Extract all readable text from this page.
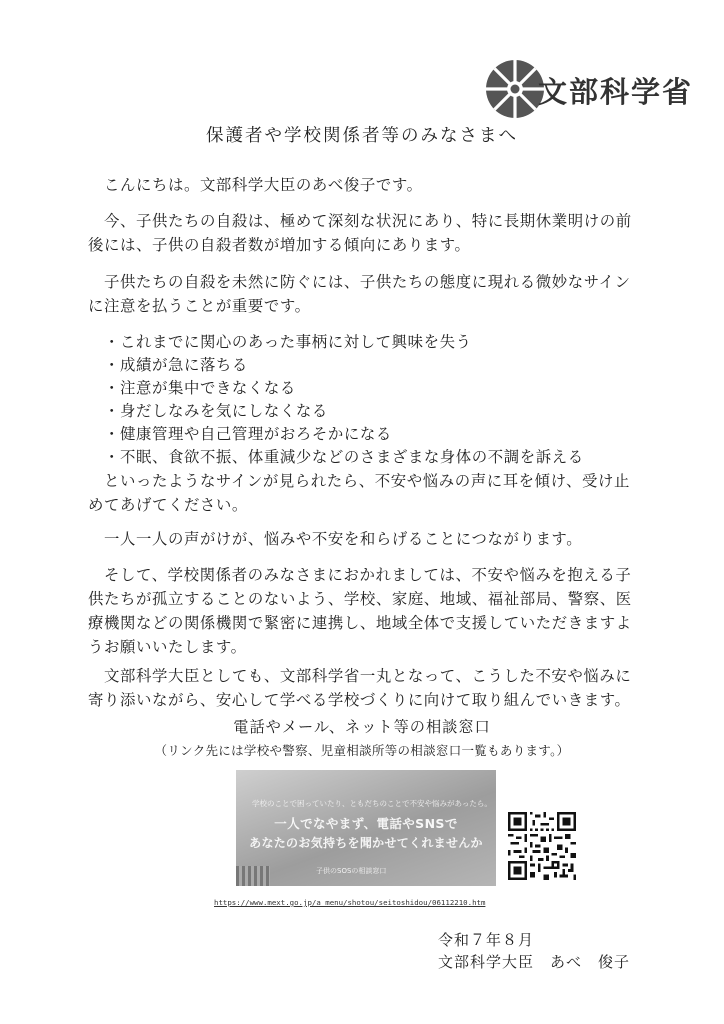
文部科学省
保護者や学校関係者等のみなさまへ
こんにちは。文部科学大臣のあべ俊子です。
今、子供たちの自殺は、極めて深刻な状況にあり、特に長期休業明けの前
後には、子供の自殺者数が増加する傾向にあります。
子供たちの自殺を未然に防ぐには、子供たちの態度に現れる微妙なサイン
に注意を払うことが重要です。
・これまでに関心のあった事柄に対して興味を失う
・成績が急に落ちる
・注意が集中できなくなる
・身だしなみを気にしなくなる
・健康管理や自己管理がおろそかになる
・不眠、食欲不振、体重減少などのさまざまな身体の不調を訴える
といったようなサインが見られたら、不安や悩みの声に耳を傾け、受け止
めてあげてください。
一人一人の声がけが、悩みや不安を和らげることにつながります。
そして、学校関係者のみなさまにおかれましては、不安や悩みを抱える子
供たちが孤立することのないよう、学校、家庭、地域、福祉部局、警察、医
療機関などの関係機関で緊密に連携し、地域全体で支援していただきますよ
うお願いいたします。
文部科学大臣としても、文部科学省一丸となって、こうした不安や悩みに
寄り添いながら、安心して学べる学校づくりに向けて取り組んでいきます。
電話やメール、ネット等の相談窓口
（リンク先には学校や警察、児童相談所等の相談窓口一覧もあります。）
学校のことで困っていたり、ともだちのことで不安や悩みがあったら。
一人でなやまず、電話やSNSで
あなたのお気持ちを聞かせてくれませんか
子供のSOSの相談窓口
https://www.mext.go.jp/a_menu/shotou/seitoshidou/06112210.htm
令和７年８月
文部科学大臣　あべ　俊子
